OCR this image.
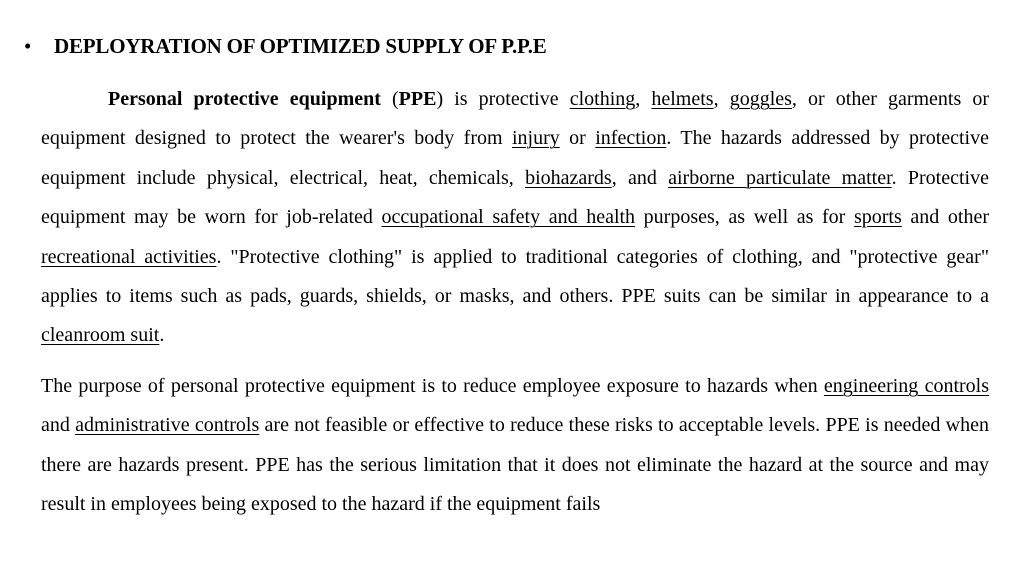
• DEPLOYRATION OF OPTIMIZED SUPPLY OF P.P.E

Personal protective equipment (PPE) is protective clothing, helmets, goggles, or other garments or equipment designed to protect the wearer's body from injury or infection. The hazards addressed by protective equipment include physical, electrical, heat, chemicals, biohazards, and airborne particulate matter. Protective equipment may be worn for job-related occupational safety and health purposes, as well as for sports and other recreational activities. "Protective clothing" is applied to traditional categories of clothing, and "protective gear" applies to items such as pads, guards, shields, or masks, and others. PPE suits can be similar in appearance to a cleanroom suit.

The purpose of personal protective equipment is to reduce employee exposure to hazards when engineering controls and administrative controls are not feasible or effective to reduce these risks to acceptable levels. PPE is needed when there are hazards present. PPE has the serious limitation that it does not eliminate the hazard at the source and may result in employees being exposed to the hazard if the equipment fails
